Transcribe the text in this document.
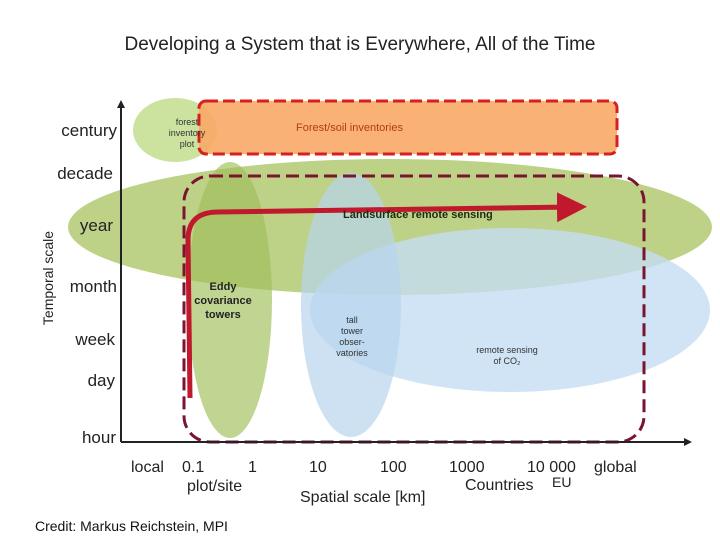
Developing a System that is Everywhere, All of the Time
century
decade
year
month
week
day
hour
Temporal scale
local 0.1	1
plot/site
10	100	1000	10 000 global
Countries EU
Spatial scale [km]
forest
inventory
plot
Forest/soil inventories
Landsurface remote sensing
Eddy
covariance
towers	tall
tower
obser-
vatories	remote sensing
of CO₂
Credit: Markus Reichstein, MPI
